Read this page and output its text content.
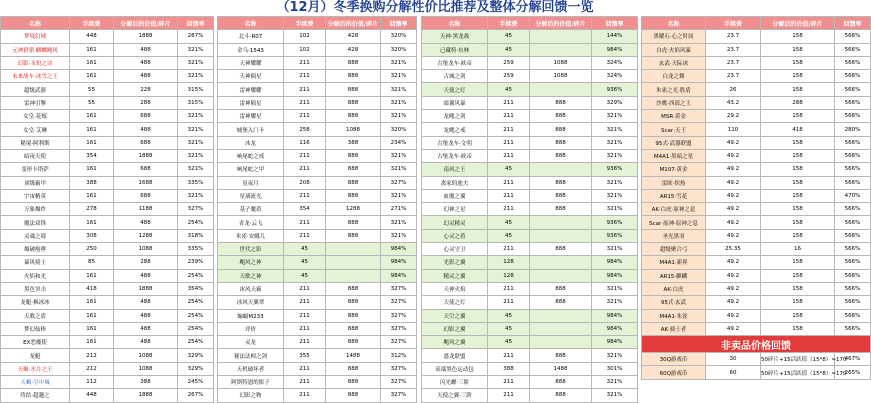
（12月）冬季换购分解性价比推荐及整体分解回馈一览
名称	手续费	分解后的价值/碎片	回馈率
梦境幻域	448	1888	287%
元神猎猎·麒麟飓风	161	488	321%
幻影·永恒之诗	161	488	321%
未来战车·冰雪之王	161	488	321%
超级武器	55	228	315%
雷神引擎	55	288	315%
女皇·花嫁	161	688	321%
女皇·艾琳	161	488	321%
秘境·阿利斯	161	688	321%
暗夜天使	354	1888	321%
变形卡塔萨	161	688	321%
顶级霸甲	388	1688	335%
宇宙精英	161	688	321%
万象爆炸	278	1188	327%
魔法双锋	161	488	254%
灵魂之境	308	1288	318%
爆破咆哮	250	1088	335%
暴风骑士	85	288	239%
火焰和光	161	488	254%
黑色突击	418	1888	354%
龙艇·枫冰冰	161	488	254%
天歌之盾	161	488	254%
梦幻仙棒	161	488	254%
EX恶魔使	161	488	254%
龙艇	212	1088	329%
天蝎·水月之王	212	1088	329%
天蝎·空中城	112	388	245%
终结·超越之	448	1888	267%
名称	手续费	分解后的价值/碎片	回馈率
北斗·R07	102	428	320%
金乌·1543	102	428	320%
天神耀耀	211	888	321%
天神陨星	211	888	321%
雷神耀耀	211	888	321%
雷神陨星	211	888	321%
雷神耀星	211	888	321%
城堡入门卡	258	1088	320%
冰龙	116	388	234%
响尾蛇之戒	211	888	321%
响尾蛇之甲	211	888	321%
星夜月	208	888	327%
星璃流光	211	888	321%
基子魔盾	354	1288	271%
青龙·云飞	211	888	321%
朱雀·安娜儿	211	888	321%
世代之影	45		984%
飓风之神	45		984%
天歌之神	45		984%
冰风天霸	211	888	327%
冰风天翼翠	211	888	327%
蝙蝠M233	211	888	327%
评价	211	888	327%
灵龙	211	888	327%
秘法法师之剑	355	1488	312%
天机破坏者	211	888	327%
阿斯特恩的影子	211	888	327%
幻影之物	211	888	327%
名称	手续费	分解后的价值/碎片	回馈率
天神·黑龙战	45		144%
已藏特·东林	45		984%
古堡龙车·欧帝	259	1088	324%
古城之剑	259	1088	324%
天使之灯	45		936%
暗翼风暴	211	888	329%
龙飓之剑	211	888	321%
龙飓之戒	211	888	321%
古堡龙车·文明	211	888	321%
古堡龙车·欧帝	211	888	321%
南风之王	45		936%
离家的迪夫	211	888	321%
血魔之翼	211	888	321%
幻神之星	211	888	321%
幻灵精灵	45		936%
心灵之盾	45		936%
心灵守卫	211	888	321%
光影之翼	128		984%
精灵之翼	128		984%
天神火焰	211	888	321%
天使之灯	211	888	321%
天空之翼	45		984%
幻影之翼	45		984%
飓风之翼	45		984%
盛龙联盟	211	888	321%
高端黑色运动包	388	1488	301%
闪光螺·三阶	211	888	321%
天使之翼·三阶	211	888	321%
名称	手续费	分解后的价值/碎片	回馈率
黑曜石·心之时间	23.7	158	566%
白虎·火焰风暴	23.7	158	566%
玄武·天际冰	23.7	158	566%
白龙之舞	23.7	158	566%
朱雀之光·胜盾	26	158	566%
沙鹰·西部之王	43.2	288	566%
MSR·黄金	29.2	158	566%
Scar·天王	110	418	280%
95式·武器联盟	49.2	158	566%
M4A1·黑暗之星	49.2	158	566%
M107·黄金	49.2	158	566%
雷欧·炽热	49.2	158	566%
AR15·雪花	49.2	158	470%
AK·白虎·原神之息	49.2	158	566%
Scar·原神·原神之息	49.2	158	566%
圣光黑羽	49.2	158	566%
超级聚合弓	25.35	16	566%
M4A1·新界	49.2	158	566%
AR15·麒麟	49.2	158	566%
AK·白虎	49.2	158	566%
95式·玄武	49.2	158	566%
M4A1·朱雀	49.2	158	566%
AK·骑士者	49.2	158	566%
非卖品价格回馈			
30Q游戏币	30	50碎片+15活跃值（15*8）≈170	467%
60Q游戏币	60	50碎片+15活跃值（15*8）≈170	265%
